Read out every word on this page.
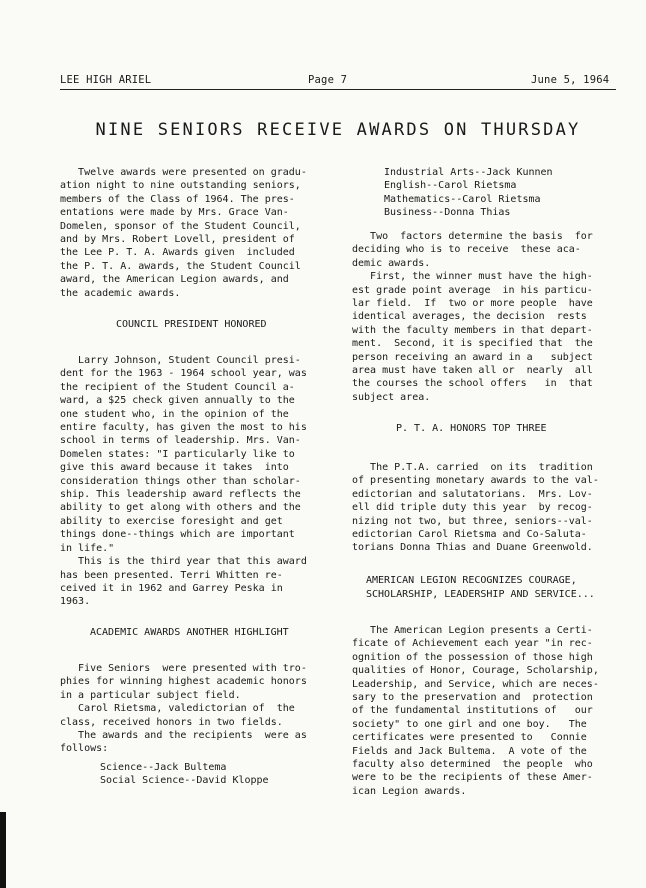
LEE HIGH ARIEL	Page 7	June 5, 1964
NINE SENIORS RECEIVE AWARDS ON THURSDAY

Twelve awards were presented on gradu-
ation night to nine outstanding seniors,
members of the Class of 1964. The pres-
entations were made by Mrs. Grace Van-
Domelen, sponsor of the Student Council,
and by Mrs. Robert Lovell, president of
the Lee P. T. A. Awards given  included
the P. T. A. awards, the Student Council
award, the American Legion awards, and
the academic awards.

COUNCIL PRESIDENT HONORED

Larry Johnson, Student Council presi-
dent for the 1963 - 1964 school year, was
the recipient of the Student Council a-
ward, a $25 check given annually to the
one student who, in the opinion of the
entire faculty, has given the most to his
school in terms of leadership. Mrs. Van-
Domelen states: "I particularly like to
give this award because it takes  into
consideration things other than scholar-
ship. This leadership award reflects the
ability to get along with others and the
ability to exercise foresight and get
things done--things which are important
in life."

This is the third year that this award
has been presented. Terri Whitten re-
ceived it in 1962 and Garrey Peska in
1963.

ACADEMIC AWARDS ANOTHER HIGHLIGHT

Five Seniors  were presented with tro-
phies for winning highest academic honors
in a particular subject field.

Carol Rietsma, valedictorian of  the
class, received honors in two fields.

The awards and the recipients  were as
follows:

Science--Jack Bultema
Social Science--David Kloppe
Industrial Arts--Jack Kunnen
English--Carol Rietsma
Mathematics--Carol Rietsma
Business--Donna Thias

Two  factors determine the basis  for
deciding who is to receive  these aca-
demic awards.

First, the winner must have the high-
est grade point average  in his particu-
lar field.  If  two or more people  have
identical averages, the decision  rests
with the faculty members in that depart-
ment.  Second, it is specified that  the
person receiving an award in a   subject
area must have taken all or  nearly  all
the courses the school offers   in  that
subject area.

P. T. A. HONORS TOP THREE

The P.T.A. carried  on its  tradition
of presenting monetary awards to the val-
edictorian and salutatorians.  Mrs. Lov-
ell did triple duty this year  by recog-
nizing not two, but three, seniors--val-
edictorian Carol Rietsma and Co-Saluta-
torians Donna Thias and Duane Greenwold.

AMERICAN LEGION RECOGNIZES COURAGE,
SCHOLARSHIP, LEADERSHIP AND SERVICE...

The American Legion presents a Certi-
ficate of Achievement each year "in rec-
ognition of the possession of those high
qualities of Honor, Courage, Scholarship,
Leadership, and Service, which are neces-
sary to the preservation and  protection
of the fundamental institutions of   our
society" to one girl and one boy.   The
certificates were presented to   Connie
Fields and Jack Bultema.  A vote of the
faculty also determined  the people  who
were to be the recipients of these Amer-
ican Legion awards.
